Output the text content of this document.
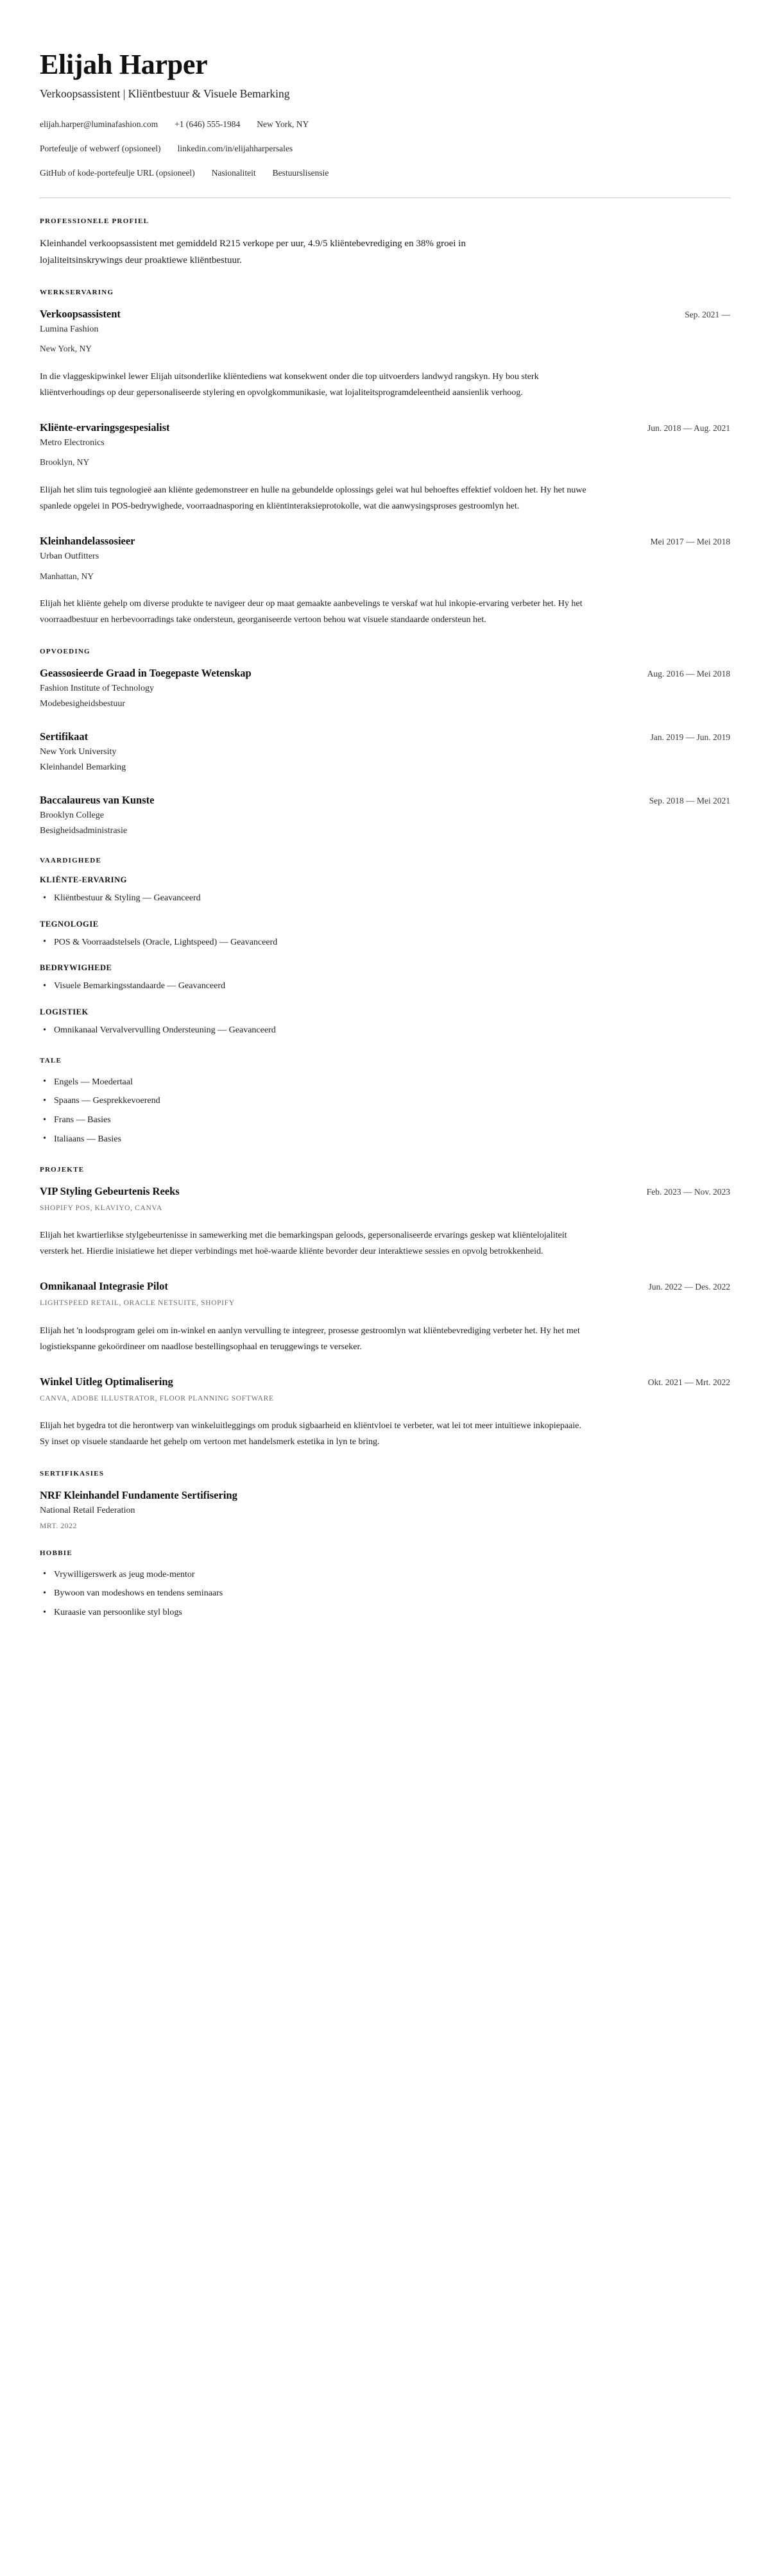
Elijah Harper

Verkoopsassistent | Kliëntbestuur & Visuele Bemarking

elijah.harper@luminafashion.com +1 (646) 555-1984 New York, NY
Portefeulje of webwerf (opsioneel) linkedin.com/in/elijahharpersales
GitHub of kode-portefeulje URL (opsioneel) Nasionaliteit Bestuurslisensie
PROFESSIONELE PROFIEL

Kleinhandel verkoopsassistent met gemiddeld R215 verkope per uur, 4.9/5 kliëntebevrediging en 38% groei in lojaliteitsinskrywings deur proaktiewe kliëntbestuur.

WERKSERVARING
Verkoopsassistent	Sep. 2021 —

Lumina Fashion

New York, NY

In die vlaggeskipwinkel lewer Elijah uitsonderlike kliëntediens wat konsekwent onder die top uitvoerders landwyd rangskyn. Hy bou sterk kliëntverhoudings op deur gepersonaliseerde stylering en opvolgkommunikasie, wat lojaliteitsprogramdeleentheid aansienlik verhoog.

Kliënte-ervaringsgespesialist	Jun. 2018 — Aug. 2021

Metro Electronics

Brooklyn, NY

Elijah het slim tuis tegnologieë aan kliënte gedemonstreer en hulle na gebundelde oplossings gelei wat hul behoeftes effektief voldoen het. Hy het nuwe spanlede opgelei in POS-bedrywighede, voorraadnasporing en kliëntinteraksieprotokolle, wat die aanwysingsproses gestroomlyn het.

Kleinhandelassosieer	Mei 2017 — Mei 2018

Urban Outfitters

Manhattan, NY

Elijah het kliënte gehelp om diverse produkte te navigeer deur op maat gemaakte aanbevelings te verskaf wat hul inkopie-ervaring verbeter het. Hy het voorraadbestuur en herbevoorradings take ondersteun, georganiseerde vertoon behou wat visuele standaarde ondersteun het.

OPVOEDING
Geassosieerde Graad in Toegepaste Wetenskap	Aug. 2016 — Mei 2018

Fashion Institute of Technology

Modebesigheidsbestuur

Sertifikaat	Jan. 2019 — Jun. 2019

New York University

Kleinhandel Bemarking

Baccalaureus van Kunste	Sep. 2018 — Mei 2021

Brooklyn College

Besigheidsadministrasie

VAARDIGHEDE
KLIËNTE-ERVARING
• Kliëntbestuur & Styling — Geavanceerd
TEGNOLOGIE
• POS & Voorraadstelsels (Oracle, Lightspeed) — Geavanceerd
BEDRYWIGHEDE
• Visuele Bemarkingsstandaarde — Geavanceerd
LOGISTIEK
• Omnikanaal Vervalvervulling Ondersteuning — Geavanceerd
TALE
• Engels — Moedertaal
• Spaans — Gesprekkevoerend
• Frans — Basies
• Italiaans — Basies
PROJEKTE
VIP Styling Gebeurtenis Reeks	Feb. 2023 — Nov. 2023

SHOPIFY POS, KLAVIYO, CANVA

Elijah het kwartierlikse stylgebeurtenisse in samewerking met die bemarkingspan geloods, gepersonaliseerde ervarings geskep wat kliëntelojaliteit versterk het. Hierdie inisiatiewe het dieper verbindings met hoë-waarde kliënte bevorder deur interaktiewe sessies en opvolg betrokkenheid.

Omnikanaal Integrasie Pilot	Jun. 2022 — Des. 2022

LIGHTSPEED RETAIL, ORACLE NETSUITE, SHOPIFY

Elijah het 'n loodsprogram gelei om in-winkel en aanlyn vervulling te integreer, prosesse gestroomlyn wat kliëntebevrediging verbeter het. Hy het met logistiekspanne gekoördineer om naadlose bestellingsophaal en teruggewings te verseker.

Winkel Uitleg Optimalisering	Okt. 2021 — Mrt. 2022

CANVA, ADOBE ILLUSTRATOR, FLOOR PLANNING SOFTWARE

Elijah het bygedra tot die herontwerp van winkeluitleggings om produk sigbaarheid en kliëntvloei te verbeter, wat lei tot meer intuïtiewe inkopiepaaie. Sy inset op visuele standaarde het gehelp om vertoon met handelsmerk estetika in lyn te bring.

SERTIFIKASIES
NRF Kleinhandel Fundamente Sertifisering

National Retail Federation

MRT. 2022

HOBBIE
• Vrywilligerswerk as jeug mode-mentor
• Bywoon van modeshows en tendens seminaars
• Kuraasie van persoonlike styl blogs
